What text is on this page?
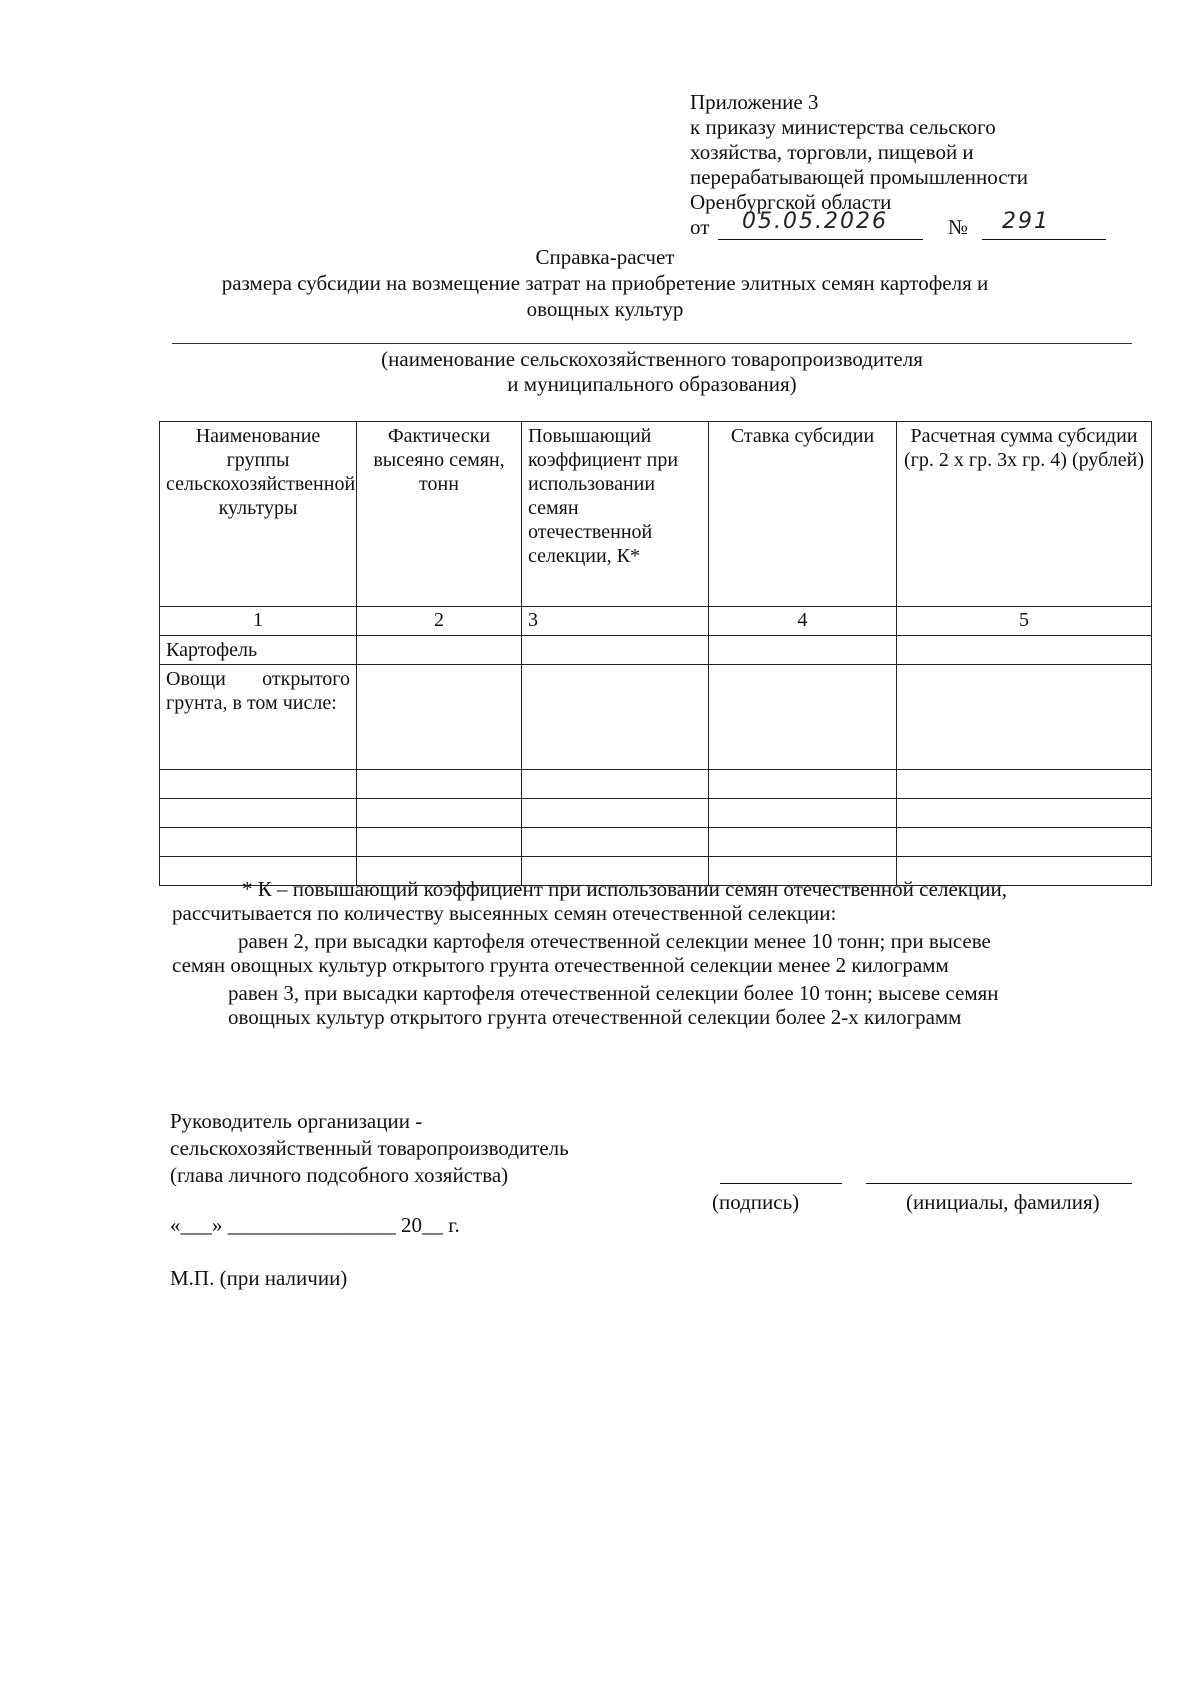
Приложение 3
к приказу министерства сельского
хозяйства, торговли, пищевой и
перерабатывающей промышленности
Оренбургской области
от 05.05.2026	№ 291
Справка-расчет
размера субсидии на возмещение затрат на приобретение элитных семян картофеля и
овощных культур
(наименование сельскохозяйственного товаропроизводителя
и муниципального образования)
Наименование группы сельскохозяйственной культуры	Фактически высеяно семян, тонн	Повышающий коэффициент при использовании семян отечественной селекции, К*	Ставка субсидии	Расчетная сумма субсидии (гр. 2 х гр. 3х гр. 4) (рублей)
1	2	3	4	5
Картофель				
Овощи открытого грунта, в том числе:				

* К – повышающий коэффициент при использовании семян отечественной селекции,
рассчитывается по количеству высеянных семян отечественной селекции:
равен 2, при высадки картофеля отечественной селекции менее 10 тонн; при высеве
семян овощных культур открытого грунта отечественной селекции менее 2 килограмм
равен 3, при высадки картофеля отечественной селекции более 10 тонн; высеве семян
овощных культур открытого грунта отечественной селекции более 2-х килограмм
Руководитель организации -
сельскохозяйственный товаропроизводитель
(глава личного подсобного хозяйства)
(подпись)	(инициалы, фамилия)
«___» ________________ 20__ г.
М.П. (при наличии)
